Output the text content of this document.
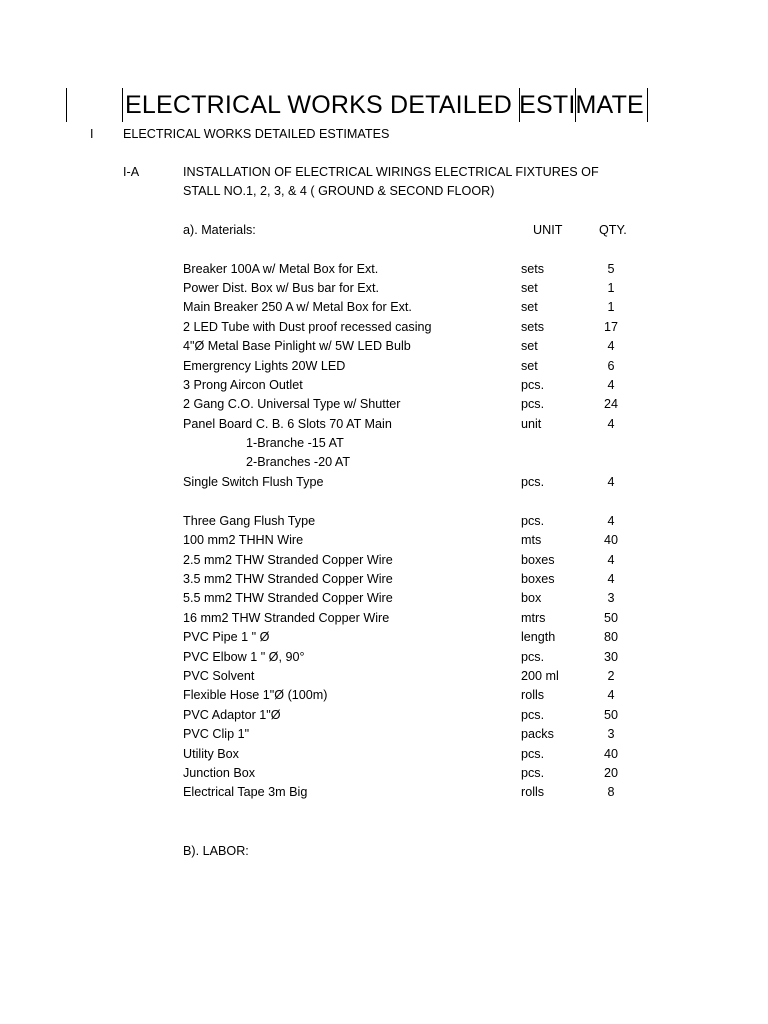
ELECTRICAL WORKS DETAILED ESTIMATE
I ELECTRICAL WORKS DETAILED ESTIMATES
I-A	INSTALLATION OF ELECTRICAL WIRINGS ELECTRICAL FIXTURES OF
STALL NO.1, 2, 3, & 4 ( GROUND & SECOND FLOOR)
a). Materials:	UNIT	QTY.
Breaker 100A w/ Metal Box for Ext.	sets	5
Power Dist. Box w/ Bus bar for Ext.	set	1
Main Breaker 250 A w/ Metal Box for Ext.	set	1
2 LED Tube with Dust proof recessed casing	sets	17
4"Ø Metal Base Pinlight w/ 5W LED Bulb	set	4
Emergrency Lights 20W LED	set	6
3 Prong Aircon Outlet	pcs.	4
2 Gang C.O. Universal Type w/ Shutter	pcs.	24
Panel Board C. B. 6 Slots 70 AT Main	unit	4
1-Branche -15 AT
2-Branches -20 AT
Single Switch Flush Type	pcs.	4
Three Gang Flush Type	pcs.	4
100 mm2 THHN Wire	mts	40
2.5 mm2 THW Stranded Copper Wire	boxes	4
3.5 mm2 THW Stranded Copper Wire	boxes	4
5.5 mm2 THW Stranded Copper Wire	box	3
16 mm2 THW Stranded Copper Wire	mtrs	50
PVC Pipe 1 " Ø	length	80
PVC Elbow 1 " Ø, 90°	pcs.	30
PVC Solvent	200 ml	2
Flexible Hose 1"Ø (100m)	rolls	4
PVC Adaptor 1"Ø	pcs.	50
PVC Clip 1"	packs	3
Utility Box	pcs.	40
Junction Box	pcs.	20
Electrical Tape 3m Big	rolls	8
B). LABOR:
